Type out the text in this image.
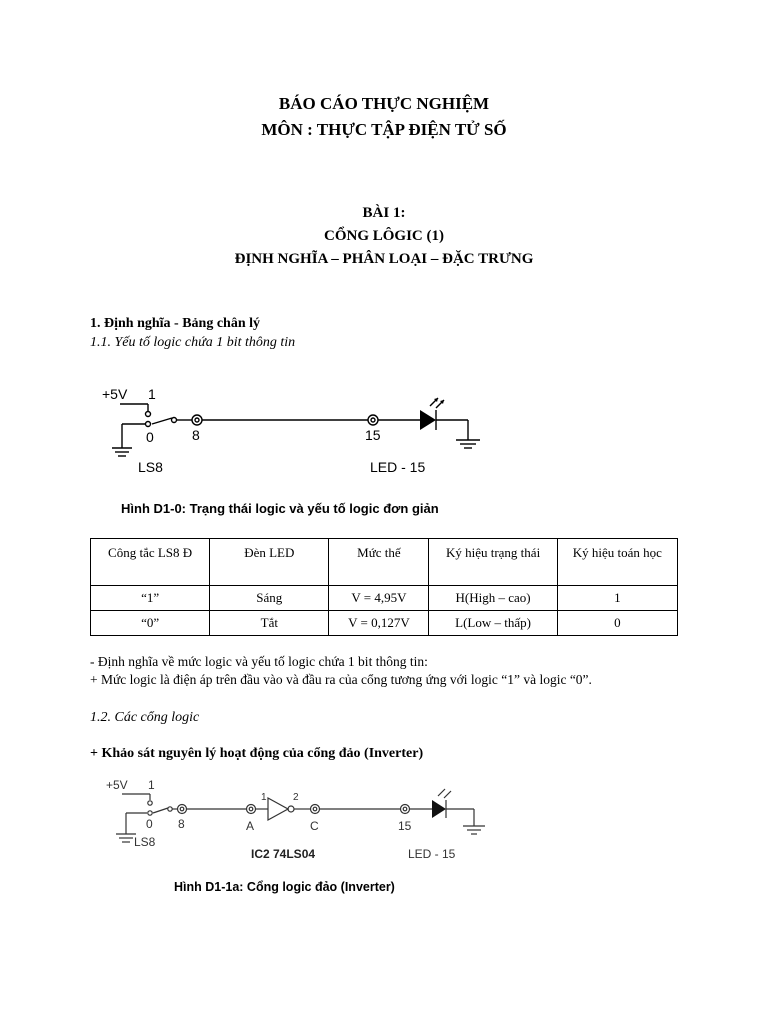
BÁO CÁO THỰC NGHIỆM
MÔN : THỰC TẬP ĐIỆN TỬ SỐ
BÀI 1:
CỔNG LÔGIC (1)
ĐỊNH NGHĨA – PHÂN LOẠI – ĐẶC TRƯNG
1. Định nghĩa - Bảng chân lý
1.1. Yếu tố logic chứa 1 bit thông tin
+5V 1
0	8	15
LS8	LED - 15
Hình D1-0: Trạng thái logic và yếu tố logic đơn giản
Công tắc LS8 Đ	Đèn LED	Mức thế	Ký hiệu trạng thái	Ký hiệu toán học
“1”	Sáng	V = 4,95V	H(High – cao)	1
“0”	Tắt	V = 0,127V	L(Low – thấp)	0
- Định nghĩa về mức logic và yếu tố logic chứa 1 bit thông tin:
+ Mức logic là điện áp trên đầu vào và đầu ra của cổng tương ứng với logic “1” và logic “0”.
1.2. Các cổng logic
+ Khảo sát nguyên lý hoạt động của cổng đảo (Inverter)
+5V 1
0 8	A
1	2
C	15
LS8
IC2 74LS04	LED - 15
Hình D1-1a: Cổng logic đảo (Inverter)
